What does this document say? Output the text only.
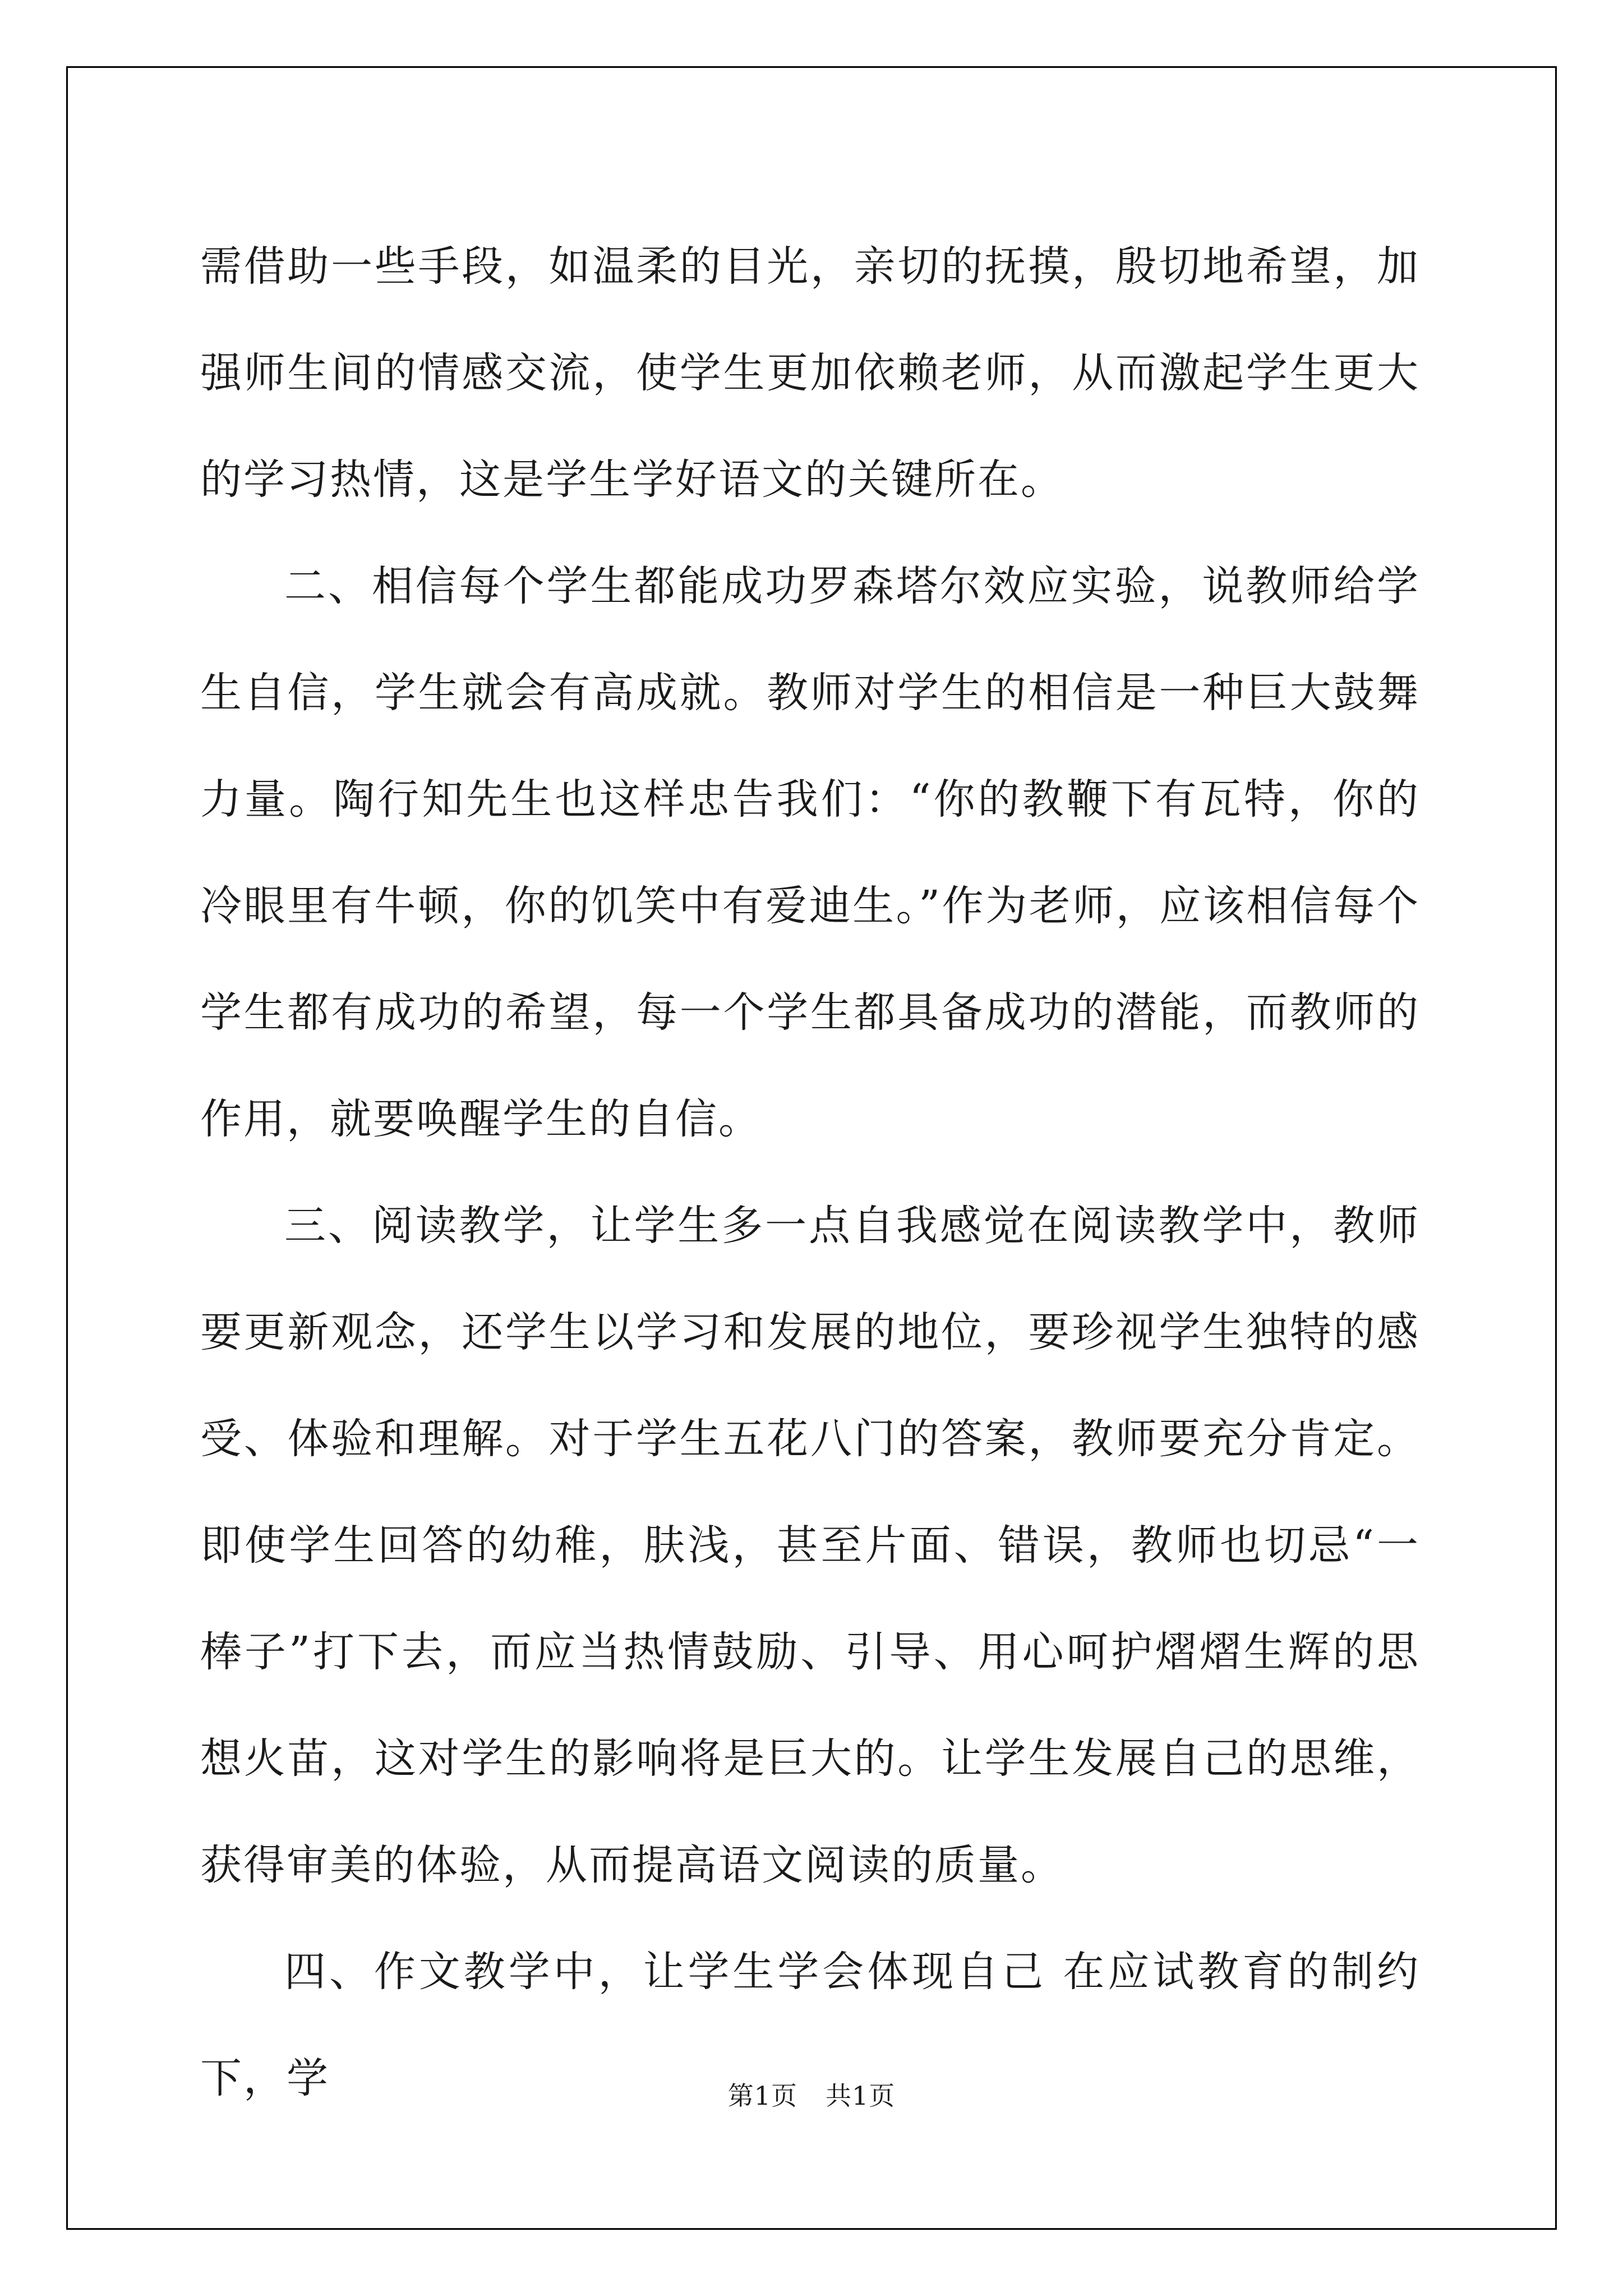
需借助一些手段，如温柔的目光，亲切的抚摸，殷切地希望，加强师生间的情感交流，使学生更加依赖老师，从而激起学生更大的学习热情，这是学生学好语文的关键所在。

二、相信每个学生都能成功罗森塔尔效应实验，说教师给学生自信，学生就会有高成就。教师对学生的相信是一种巨大鼓舞力量。陶行知先生也这样忠告我们：“你的教鞭下有瓦特，你的冷眼里有牛顿，你的饥笑中有爱迪生。”作为老师，应该相信每个学生都有成功的希望，每一个学生都具备成功的潜能，而教师的作用，就要唤醒学生的自信。

三、阅读教学，让学生多一点自我感觉在阅读教学中，教师要更新观念，还学生以学习和发展的地位，要珍视学生独特的感受、体验和理解。对于学生五花八门的答案，教师要充分肯定。即使学生回答的幼稚，肤浅，甚至片面、错误，教师也切忌“一棒子”打下去，而应当热情鼓励、引导、用心呵护熠熠生辉的思想火苗，这对学生的影响将是巨大的。让学生发展自己的思维，获得审美的体验，从而提高语文阅读的质量。

四、作文教学中，让学生学会体现自己 在应试教育的制约下，学	第1页 共1页
